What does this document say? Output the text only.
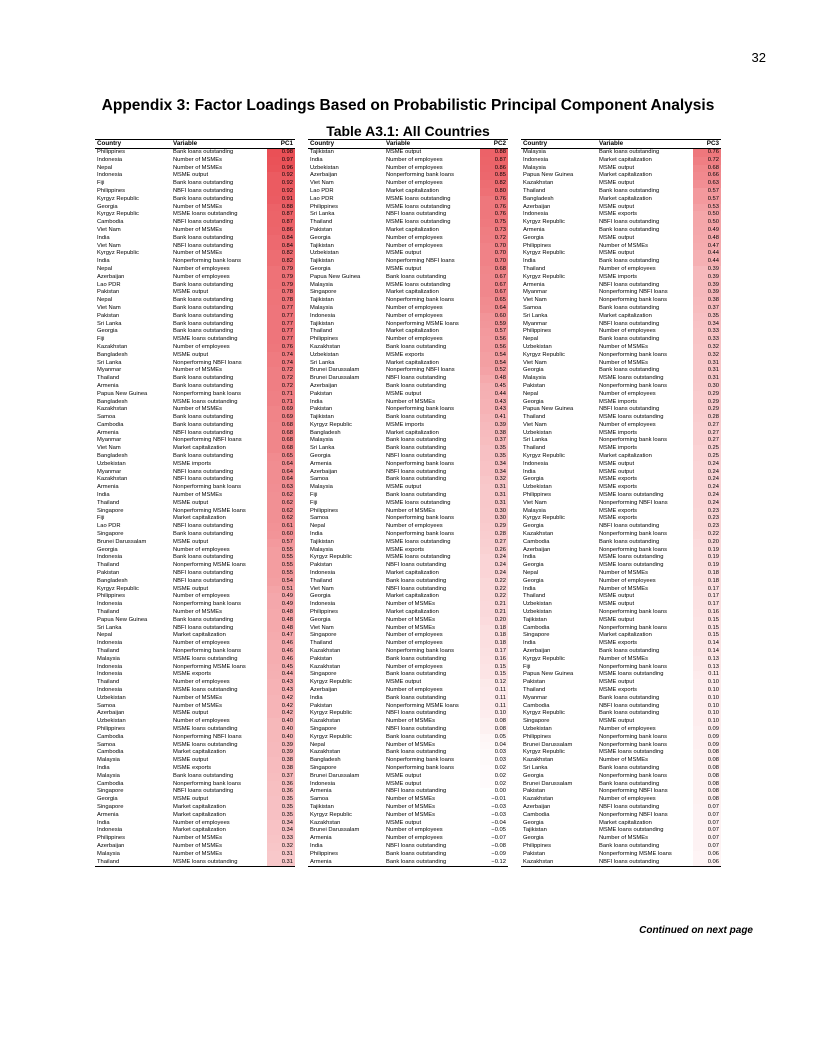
32
Appendix 3: Factor Loadings Based on Probabilistic Principal Component Analysis
Table A3.1: All Countries
Country	Variable	PC1
Philippines	Bank loans outstanding	0.98
Indonesia	Number of MSMEs	0.97
Nepal	Number of MSMEs	0.96
Indonesia	MSME output	0.92
Fiji	Bank loans outstanding	0.92
Philippines	NBFI loans outstanding	0.92
Kyrgyz Republic	Bank loans outstanding	0.91
Georgia	Number of MSMEs	0.88
Kyrgyz Republic	MSME loans outstanding	0.87
Cambodia	NBFI loans outstanding	0.87
Viet Nam	Number of MSMEs	0.86
India	Bank loans outstanding	0.84
Viet Nam	NBFI loans outstanding	0.84
Kyrgyz Republic	Number of MSMEs	0.82
India	Nonperforming bank loans	0.82
Nepal	Number of employees	0.79
Azerbaijan	Number of employees	0.79
Lao PDR	Bank loans outstanding	0.79
Pakistan	MSME output	0.78
Nepal	Bank loans outstanding	0.78
Viet Nam	Bank loans outstanding	0.77
Pakistan	Bank loans outstanding	0.77
Sri Lanka	Bank loans outstanding	0.77
Georgia	Bank loans outstanding	0.77
Fiji	MSME loans outstanding	0.77
Kazakhstan	Number of employees	0.76
Bangladesh	MSME output	0.74
Sri Lanka	Nonperforming NBFI loans	0.74
Myanmar	Number of MSMEs	0.72
Thailand	Bank loans outstanding	0.72
Armenia	Bank loans outstanding	0.72
Papua New Guinea	Nonperforming bank loans	0.71
Bangladesh	MSME loans outstanding	0.71
Kazakhstan	Number of MSMEs	0.69
Samoa	Bank loans outstanding	0.69
Cambodia	Bank loans outstanding	0.68
Armenia	NBFI loans outstanding	0.68
Myanmar	Nonperforming NBFI loans	0.68
Viet Nam	Market capitalization	0.68
Bangladesh	Bank loans outstanding	0.65
Uzbekistan	MSME imports	0.64
Myanmar	NBFI loans outstanding	0.64
Kazakhstan	NBFI loans outstanding	0.64
Armenia	Nonperforming bank loans	0.63
India	Number of MSMEs	0.62
Thailand	MSME output	0.62
Singapore	Nonperforming MSME loans	0.62
Fiji	Market capitalization	0.62
Lao PDR	NBFI loans outstanding	0.61
Singapore	Bank loans outstanding	0.60
Brunei Darussalam	MSME output	0.57
Georgia	Number of employees	0.55
Indonesia	Bank loans outstanding	0.55
Thailand	Nonperforming MSME loans	0.55
Pakistan	NBFI loans outstanding	0.55
Bangladesh	NBFI loans outstanding	0.54
Kyrgyz Republic	MSME output	0.51
Philippines	Number of employees	0.49
Indonesia	Nonperforming bank loans	0.49
Thailand	Number of MSMEs	0.48
Papua New Guinea	Bank loans outstanding	0.48
Sri Lanka	NBFI loans outstanding	0.48
Nepal	Market capitalization	0.47
Indonesia	Number of employees	0.46
Thailand	Nonperforming bank loans	0.46
Malaysia	MSME loans outstanding	0.46
Indonesia	Nonperforming MSME loans	0.45
Indonesia	MSME exports	0.44
Thailand	Number of employees	0.43
Indonesia	MSME loans outstanding	0.43
Uzbekistan	Number of MSMEs	0.42
Samoa	Number of MSMEs	0.42
Azerbaijan	MSME output	0.42
Uzbekistan	Number of employees	0.40
Philippines	MSME loans outstanding	0.40
Cambodia	Nonperforming NBFI loans	0.40
Samoa	MSME loans outstanding	0.39
Cambodia	Market capitalization	0.39
Malaysia	MSME output	0.38
India	MSME exports	0.38
Malaysia	Bank loans outstanding	0.37
Cambodia	Nonperforming bank loans	0.36
Singapore	NBFI loans outstanding	0.36
Georgia	MSME output	0.35
Singapore	Market capitalization	0.35
Armenia	Market capitalization	0.35
India	Number of employees	0.34
Indonesia	Market capitalization	0.34
Philippines	Number of MSMEs	0.33
Azerbaijan	Number of MSMEs	0.32
Malaysia	Number of MSMEs	0.31
Thailand	MSME loans outstanding	0.31
Country	Variable	PC2
Tajikistan	MSME output	0.88
India	Number of employees	0.87
Uzbekistan	Number of employees	0.86
Azerbaijan	Nonperforming bank loans	0.85
Viet Nam	Number of employees	0.82
Lao PDR	Market capitalization	0.80
Lao PDR	MSME loans outstanding	0.76
Philippines	MSME loans outstanding	0.76
Sri Lanka	NBFI loans outstanding	0.76
Thailand	MSME loans outstanding	0.75
Pakistan	Market capitalization	0.73
Georgia	Number of employees	0.72
Tajikistan	Number of employees	0.70
Uzbekistan	MSME output	0.70
Tajikistan	Nonperforming NBFI loans	0.70
Georgia	MSME output	0.68
Papua New Guinea	Bank loans outstanding	0.67
Malaysia	MSME loans outstanding	0.67
Singapore	Market capitalization	0.67
Tajikistan	Nonperforming bank loans	0.65
Malaysia	Number of employees	0.64
Indonesia	Number of employees	0.60
Tajikistan	Nonperforming MSME loans	0.59
Thailand	Market capitalization	0.57
Philippines	Number of employees	0.56
Kazakhstan	Bank loans outstanding	0.56
Uzbekistan	MSME exports	0.54
Sri Lanka	Market capitalization	0.54
Brunei Darussalam	Nonperforming NBFI loans	0.52
Brunei Darussalam	NBFI loans outstanding	0.48
Azerbaijan	Bank loans outstanding	0.45
Pakistan	MSME output	0.44
India	Number of MSMEs	0.43
Pakistan	Nonperforming bank loans	0.43
Tajikistan	Bank loans outstanding	0.41
Kyrgyz Republic	MSME imports	0.39
Bangladesh	Market capitalization	0.38
Malaysia	Bank loans outstanding	0.37
Sri Lanka	Bank loans outstanding	0.35
Georgia	NBFI loans outstanding	0.35
Armenia	Nonperforming bank loans	0.34
Azerbaijan	NBFI loans outstanding	0.34
Samoa	Bank loans outstanding	0.32
Malaysia	MSME output	0.31
Fiji	Bank loans outstanding	0.31
Fiji	MSME loans outstanding	0.31
Philippines	Number of MSMEs	0.30
Samoa	Nonperforming bank loans	0.30
Nepal	Number of employees	0.29
India	Nonperforming bank loans	0.28
Tajikistan	MSME loans outstanding	0.27
Malaysia	MSME exports	0.26
Kyrgyz Republic	MSME loans outstanding	0.24
Pakistan	NBFI loans outstanding	0.24
Indonesia	Market capitalization	0.24
Thailand	Bank loans outstanding	0.22
Viet Nam	NBFI loans outstanding	0.22
Georgia	Market capitalization	0.22
Indonesia	Number of MSMEs	0.21
Philippines	Market capitalization	0.21
Georgia	Number of MSMEs	0.20
Viet Nam	Number of MSMEs	0.18
Singapore	Number of employees	0.18
Thailand	Number of employees	0.18
Kazakhstan	Nonperforming bank loans	0.17
Pakistan	Bank loans outstanding	0.16
Kazakhstan	Number of employees	0.15
Singapore	Bank loans outstanding	0.15
Kyrgyz Republic	MSME output	0.12
Azerbaijan	Number of employees	0.11
India	Bank loans outstanding	0.11
Pakistan	Nonperforming MSME loans	0.11
Kyrgyz Republic	NBFI loans outstanding	0.10
Kazakhstan	Number of MSMEs	0.08
Singapore	NBFI loans outstanding	0.08
Kyrgyz Republic	Bank loans outstanding	0.05
Nepal	Number of MSMEs	0.04
Kazakhstan	Bank loans outstanding	0.03
Bangladesh	Nonperforming bank loans	0.03
Singapore	Nonperforming bank loans	0.02
Brunei Darussalam	MSME output	0.02
Indonesia	MSME output	0.02
Armenia	NBFI loans outstanding	0.00
Samoa	Number of MSMEs	−0.01
Tajikistan	Number of MSMEs	−0.03
Kyrgyz Republic	Number of MSMEs	−0.03
Kazakhstan	MSME output	−0.04
Brunei Darussalam	Number of employees	−0.05
Armenia	Number of employees	−0.07
India	NBFI loans outstanding	−0.08
Philippines	Bank loans outstanding	−0.09
Armenia	Bank loans outstanding	−0.12
Country	Variable	PC3
Malaysia	Bank loans outstanding	0.76
Indonesia	Market capitalization	0.72
Malaysia	MSME output	0.68
Papua New Guinea	Market capitalization	0.66
Kazakhstan	MSME output	0.63
Thailand	Bank loans outstanding	0.57
Bangladesh	Market capitalization	0.57
Azerbaijan	MSME output	0.53
Indonesia	MSME exports	0.50
Kyrgyz Republic	NBFI loans outstanding	0.50
Armenia	Bank loans outstanding	0.49
Georgia	MSME output	0.48
Philippines	Number of MSMEs	0.47
Kyrgyz Republic	MSME output	0.44
India	Bank loans outstanding	0.44
Thailand	Number of employees	0.39
Kyrgyz Republic	MSME imports	0.39
Armenia	NBFI loans outstanding	0.39
Myanmar	Nonperforming NBFI loans	0.39
Viet Nam	Nonperforming bank loans	0.38
Samoa	Bank loans outstanding	0.37
Sri Lanka	Market capitalization	0.35
Myanmar	NBFI loans outstanding	0.34
Philippines	Number of employees	0.33
Nepal	Bank loans outstanding	0.33
Uzbekistan	Number of MSMEs	0.32
Kyrgyz Republic	Nonperforming bank loans	0.32
Viet Nam	Number of MSMEs	0.31
Georgia	Bank loans outstanding	0.31
Malaysia	MSME loans outstanding	0.31
Pakistan	Nonperforming bank loans	0.30
Nepal	Number of employees	0.29
Georgia	MSME imports	0.29
Papua New Guinea	NBFI loans outstanding	0.29
Thailand	MSME loans outstanding	0.28
Viet Nam	Number of employees	0.27
Uzbekistan	MSME imports	0.27
Sri Lanka	Nonperforming bank loans	0.27
Thailand	MSME imports	0.25
Kyrgyz Republic	Market capitalization	0.25
Indonesia	MSME output	0.24
India	MSME output	0.24
Georgia	MSME exports	0.24
Uzbekistan	MSME exports	0.24
Philippines	MSME loans outstanding	0.24
Viet Nam	Nonperforming NBFI loans	0.24
Malaysia	MSME exports	0.23
Kyrgyz Republic	MSME exports	0.23
Georgia	NBFI loans outstanding	0.23
Kazakhstan	Nonperforming bank loans	0.22
Cambodia	Bank loans outstanding	0.20
Azerbaijan	Nonperforming bank loans	0.19
India	MSME loans outstanding	0.19
Georgia	MSME loans outstanding	0.19
Nepal	Number of MSMEs	0.18
Georgia	Number of employees	0.18
India	Number of MSMEs	0.17
Thailand	MSME output	0.17
Uzbekistan	MSME output	0.17
Uzbekistan	Nonperforming bank loans	0.16
Tajikistan	MSME output	0.15
Cambodia	Nonperforming bank loans	0.15
Singapore	Market capitalization	0.15
India	MSME exports	0.14
Azerbaijan	Bank loans outstanding	0.14
Kyrgyz Republic	Number of MSMEs	0.13
Fiji	Nonperforming bank loans	0.13
Papua New Guinea	MSME loans outstanding	0.11
Pakistan	MSME output	0.10
Thailand	MSME exports	0.10
Myanmar	Bank loans outstanding	0.10
Cambodia	NBFI loans outstanding	0.10
Kyrgyz Republic	Bank loans outstanding	0.10
Singapore	MSME output	0.10
Uzbekistan	Number of employees	0.09
Philippines	Nonperforming bank loans	0.09
Brunei Darussalam	Nonperforming bank loans	0.09
Kyrgyz Republic	MSME loans outstanding	0.08
Kazakhstan	Number of MSMEs	0.08
Sri Lanka	Bank loans outstanding	0.08
Georgia	Nonperforming bank loans	0.08
Brunei Darussalam	Bank loans outstanding	0.08
Pakistan	Nonperforming NBFI loans	0.08
Kazakhstan	Number of employees	0.08
Azerbaijan	NBFI loans outstanding	0.07
Cambodia	Nonperforming NBFI loans	0.07
Georgia	Market capitalization	0.07
Tajikistan	MSME loans outstanding	0.07
Georgia	Number of MSMEs	0.07
Philippines	Bank loans outstanding	0.07
Pakistan	Nonperforming MSME loans	0.06
Kazakhstan	NBFI loans outstanding	0.06
Continued on next page
